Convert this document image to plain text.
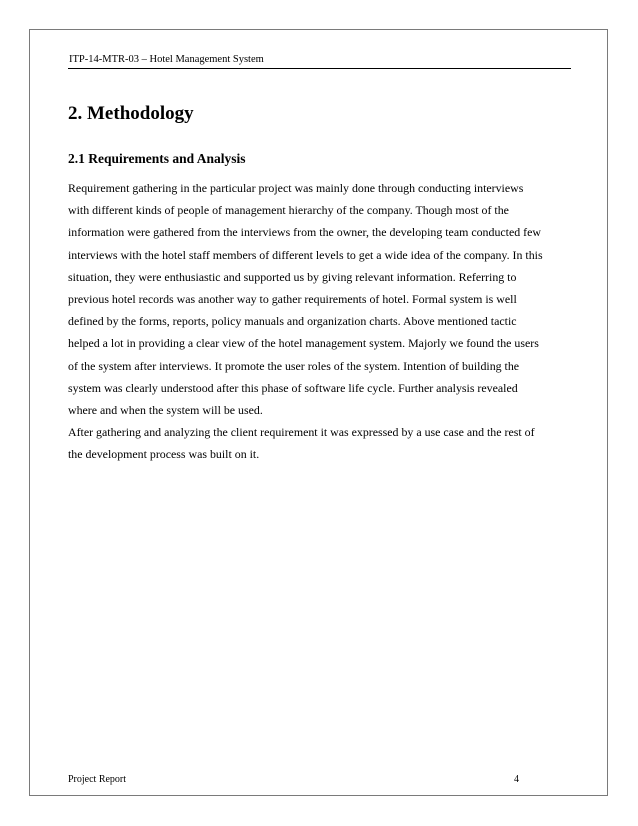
ITP-14-MTR-03 – Hotel Management System
2. Methodology
2.1 Requirements and Analysis
Requirement gathering in the particular project was mainly done through conducting interviews
with different kinds of people of management hierarchy of the company. Though most of the
information were gathered from the interviews from the owner, the developing team conducted few
interviews with the hotel staff members of different levels to get a wide idea of the company. In this
situation, they were enthusiastic and supported us by giving relevant information. Referring to
previous hotel records was another way to gather requirements of hotel. Formal system is well
defined by the forms, reports, policy manuals and organization charts. Above mentioned tactic
helped a lot in providing a clear view of the hotel management system. Majorly we found the users
of the system after interviews. It promote the user roles of the system. Intention of building the
system was clearly understood after this phase of software life cycle. Further analysis revealed
where and when the system will be used.
After gathering and analyzing the client requirement it was expressed by a use case and the rest of
the development process was built on it.
Project Report	4
